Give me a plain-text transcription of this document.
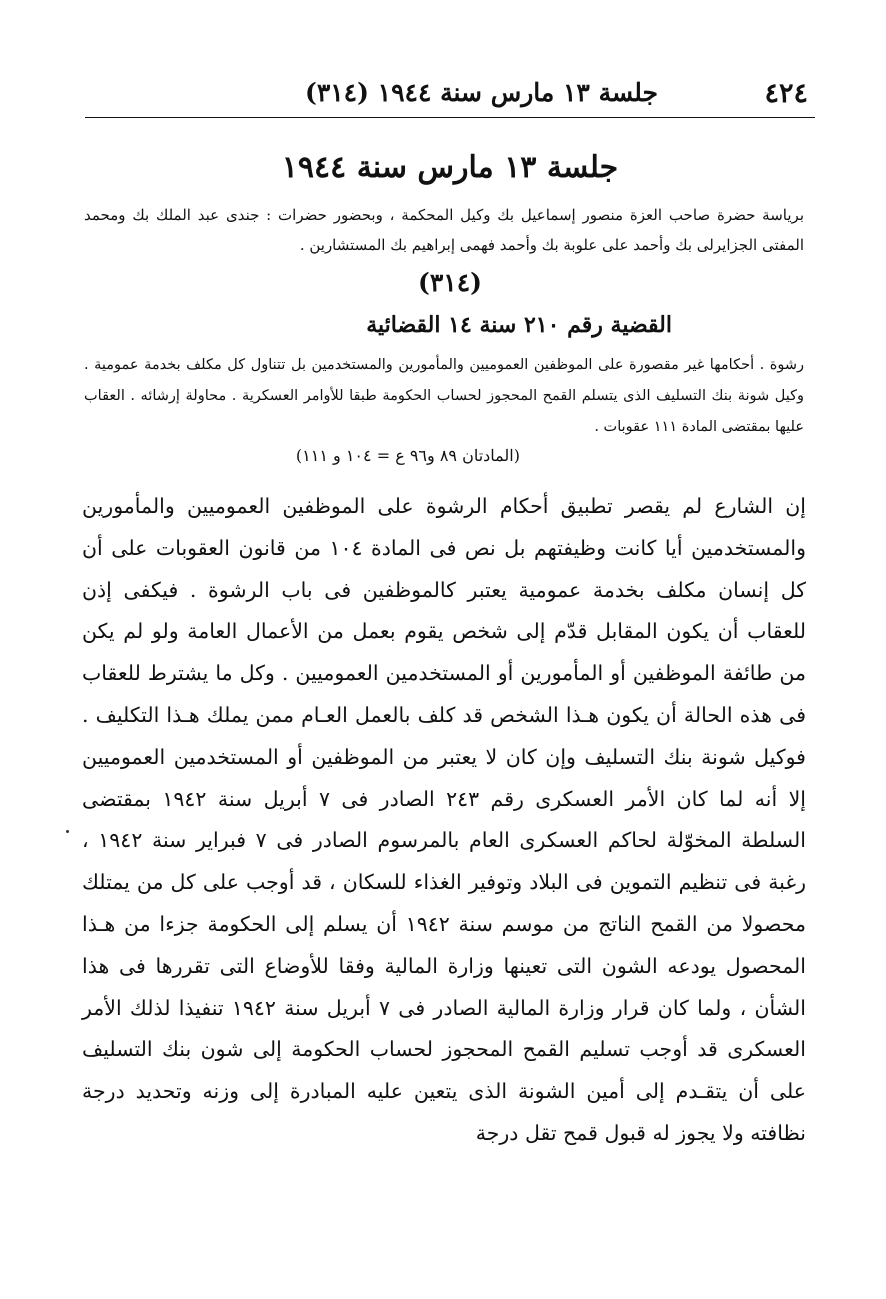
٤٢٤
جلسة ١٣ مارس سنة ١٩٤٤ (٣١٤)
جلسة ١٣ مارس سنة ١٩٤٤
برياسة حضرة صاحب العزة منصور إسماعيل بك وكيل المحكمة ، وبحضور حضرات : جندى عبد الملك بك ومحمد المفتى الجزايرلى بك وأحمد على علوبة بك وأحمد فهمى إبراهيم بك المستشارين .
(٣١٤)
القضية رقم ٢١٠ سنة ١٤ القضائية
رشوة . أحكامها غير مقصورة على الموظفين العموميين والمأمورين والمستخدمين بل تتناول كل مكلف بخدمة عمومية . وكيل شونة بنك التسليف الذى يتسلم القمح المحجوز لحساب الحكومة طبقا للأوامر العسكرية . محاولة إرشائه . العقاب عليها بمقتضى المادة ١١١ عقوبات .
(المادتان ٨٩ و٩٦ ع = ١٠٤ و ١١١)
إن الشارع لم يقصر تطبيق أحكام الرشوة على الموظفين العموميين والمأمورين والمستخدمين أيا كانت وظيفتهم بل نص فى المادة ١٠٤ من قانون العقوبات على أن كل إنسان مكلف بخدمة عمومية يعتبر كالموظفين فى باب الرشوة . فيكفى إذن للعقاب أن يكون المقابل قدّم إلى شخص يقوم بعمل من الأعمال العامة ولو لم يكن من طائفة الموظفين أو المأمورين أو المستخدمين العموميين . وكل ما يشترط للعقاب فى هذه الحالة أن يكون هـذا الشخص قد كلف بالعمل العـام ممن يملك هـذا التكليف . فوكيل شونة بنك التسليف وإن كان لا يعتبر من الموظفين أو المستخدمين العموميين إلا أنه لما كان الأمر العسكرى رقم ٢٤٣ الصادر فى ٧ أبريل سنة ١٩٤٢ بمقتضى السلطة المخوّلة لحاكم العسكرى العام بالمرسوم الصادر فى ٧ فبراير سنة ١٩٤٢ ، رغبة فى تنظيم التموين فى البلاد وتوفير الغذاء للسكان ، قد أوجب على كل من يمتلك محصولا من القمح الناتج من موسم سنة ١٩٤٢ أن يسلم إلى الحكومة جزءا من هـذا المحصول يودعه الشون التى تعينها وزارة المالية وفقا للأوضاع التى تقررها فى هذا الشأن ، ولما كان قرار وزارة المالية الصادر فى ٧ أبريل سنة ١٩٤٢ تنفيذا لذلك الأمر العسكرى قد أوجب تسليم القمح المحجوز لحساب الحكومة إلى شون بنك التسليف على أن يتقـدم إلى أمين الشونة الذى يتعين عليه المبادرة إلى وزنه وتحديد درجة نظافته ولا يجوز له قبول قمح تقل درجة
